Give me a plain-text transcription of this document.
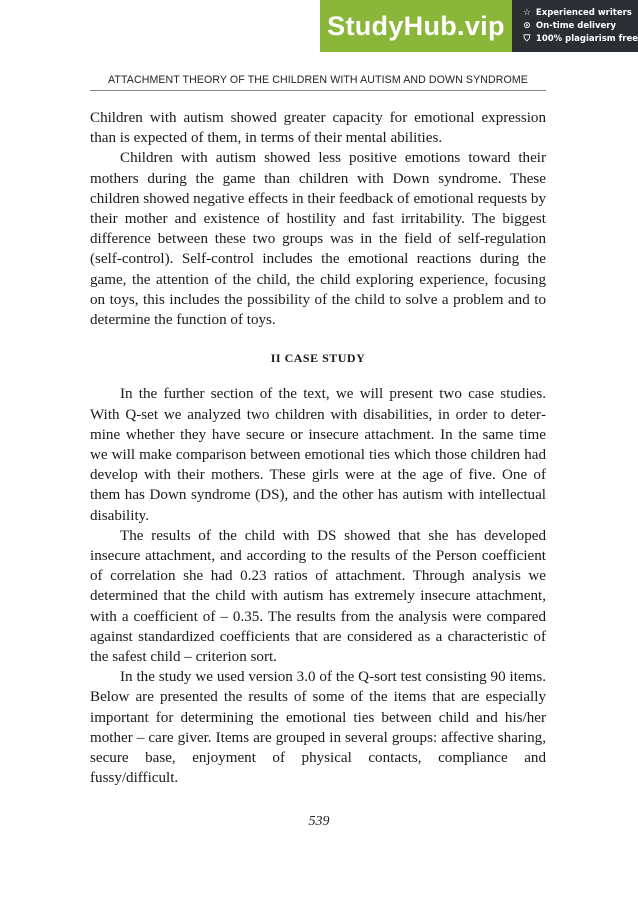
StudyHub.vip	☆ Experienced writers
⊙ On-time delivery
⛉ 100% plagiarism free
ATTACHMENT THEORY OF THE CHILDREN WITH AUTISM AND DOWN SYNDROME

Children with autism showed greater capacity for emotional expression than is expected of them, in terms of their mental abilities.

Children with autism showed less positive emotions toward their mothers during the game than children with Down syndrome. These children showed negative effects in their feedback of emotional requests by their mother and existence of hostility and fast irritability. The biggest difference between these two groups was in the field of self-regulation (self-control). Self-control includes the emotional reactions during the game, the attention of the child, the child exploring experience, focusing on toys, this includes the possibility of the child to solve a problem and to determine the function of toys.

II CASE STUDY

In the further section of the text, we will present two case studies. With Q-set we analyzed two children with disabilities, in order to determine whether they have secure or insecure attachment. In the same time we will make comparison between emotional ties which those children had develop with their mothers. These girls were at the age of five. One of them has Down syndrome (DS), and the other has autism with intellectual disability.

The results of the child with DS showed that she has developed insecure attachment, and according to the results of the Person coefficient of correlation she had 0.23 ratios of attachment. Through analysis we determined that the child with autism has extremely insecure attachment, with a coefficient of – 0.35. The results from the analysis were compared against standardized coefficients that are considered as a characteristic of the safest child – criterion sort.

In the study we used version 3.0 of the Q-sort test consisting 90 items. Below are presented the results of some of the items that are especially important for determining the emotional ties between child and his/her mother – care giver. Items are grouped in several groups: affective sharing, secure base, enjoyment of physical contacts, compliance and fussy/difficult.

539
